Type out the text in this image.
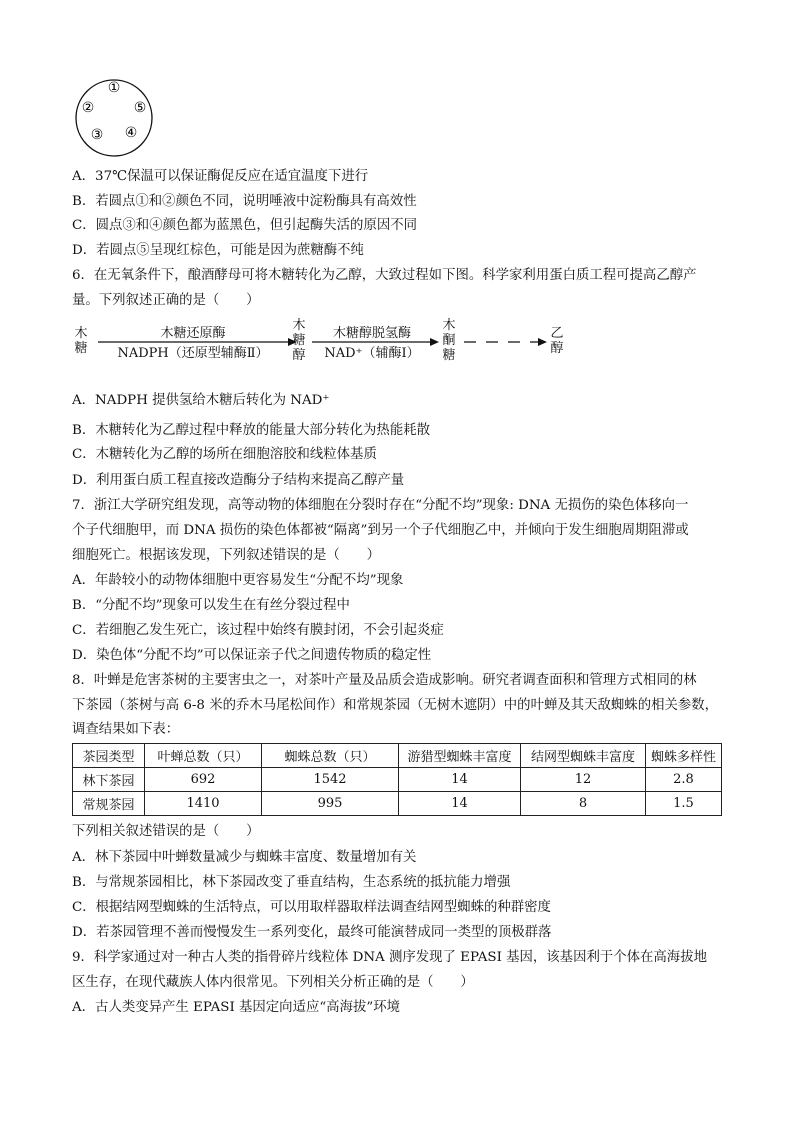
①
②	⑤
③ ④
A．37℃保温可以保证酶促反应在适宜温度下进行
B．若圆点①和②颜色不同，说明唾液中淀粉酶具有高效性
C．圆点③和④颜色都为蓝黑色，但引起酶失活的原因不同
D．若圆点⑤呈现红棕色，可能是因为蔗糖酶不纯
6．在无氧条件下，酿酒酵母可将木糖转化为乙醇，大致过程如下图。科学家利用蛋白质工程可提高乙醇产
量。下列叙述正确的是（　　）
木糖
木糖还原酶
NADPH（还原型辅酶Ⅱ）
木糖醇
木糖醇脱氢酶
NAD⁺（辅酶Ⅰ）
木酮糖
乙醇
A．NADPH 提供氢给木糖后转化为 NAD⁺
B．木糖转化为乙醇过程中释放的能量大部分转化为热能耗散
C．木糖转化为乙醇的场所在细胞溶胶和线粒体基质
D．利用蛋白质工程直接改造酶分子结构来提高乙醇产量
7．浙江大学研究组发现，高等动物的体细胞在分裂时存在“分配不均”现象: DNA 无损伤的染色体移向一
个子代细胞甲，而 DNA 损伤的染色体都被“隔离”到另一个子代细胞乙中，并倾向于发生细胞周期阻滞或
细胞死亡。根据该发现，下列叙述错误的是（　　）
A．年龄较小的动物体细胞中更容易发生“分配不均”现象
B．“分配不均”现象可以发生在有丝分裂过程中
C．若细胞乙发生死亡，该过程中始终有膜封闭，不会引起炎症
D．染色体“分配不均”可以保证亲子代之间遗传物质的稳定性
8．叶蝉是危害茶树的主要害虫之一，对茶叶产量及品质会造成影响。研究者调查面积和管理方式相同的林
下茶园（茶树与高 6-8 米的乔木马尾松间作）和常规茶园（无树木遮阴）中的叶蝉及其天敌蜘蛛的相关参数，
调查结果如下表：
茶园类型	叶蝉总数（只）	蜘蛛总数（只）	游猎型蜘蛛丰富度	结网型蜘蛛丰富度	蜘蛛多样性
林下茶园	692	1542	14	12	2.8
常规茶园	1410	995	14	8	1.5
下列相关叙述错误的是（　　）
A．林下茶园中叶蝉数量减少与蜘蛛丰富度、数量增加有关
B．与常规茶园相比，林下茶园改变了垂直结构，生态系统的抵抗能力增强
C．根据结网型蜘蛛的生活特点，可以用取样器取样法调查结网型蜘蛛的种群密度
D．若茶园管理不善而慢慢发生一系列变化，最终可能演替成同一类型的顶极群落
9．科学家通过对一种古人类的指骨碎片线粒体 DNA 测序发现了 EPASI 基因，该基因利于个体在高海拔地
区生存，在现代藏族人体内很常见。下列相关分析正确的是（　　）
A．古人类变异产生 EPASI 基因定向适应“高海拔”环境
